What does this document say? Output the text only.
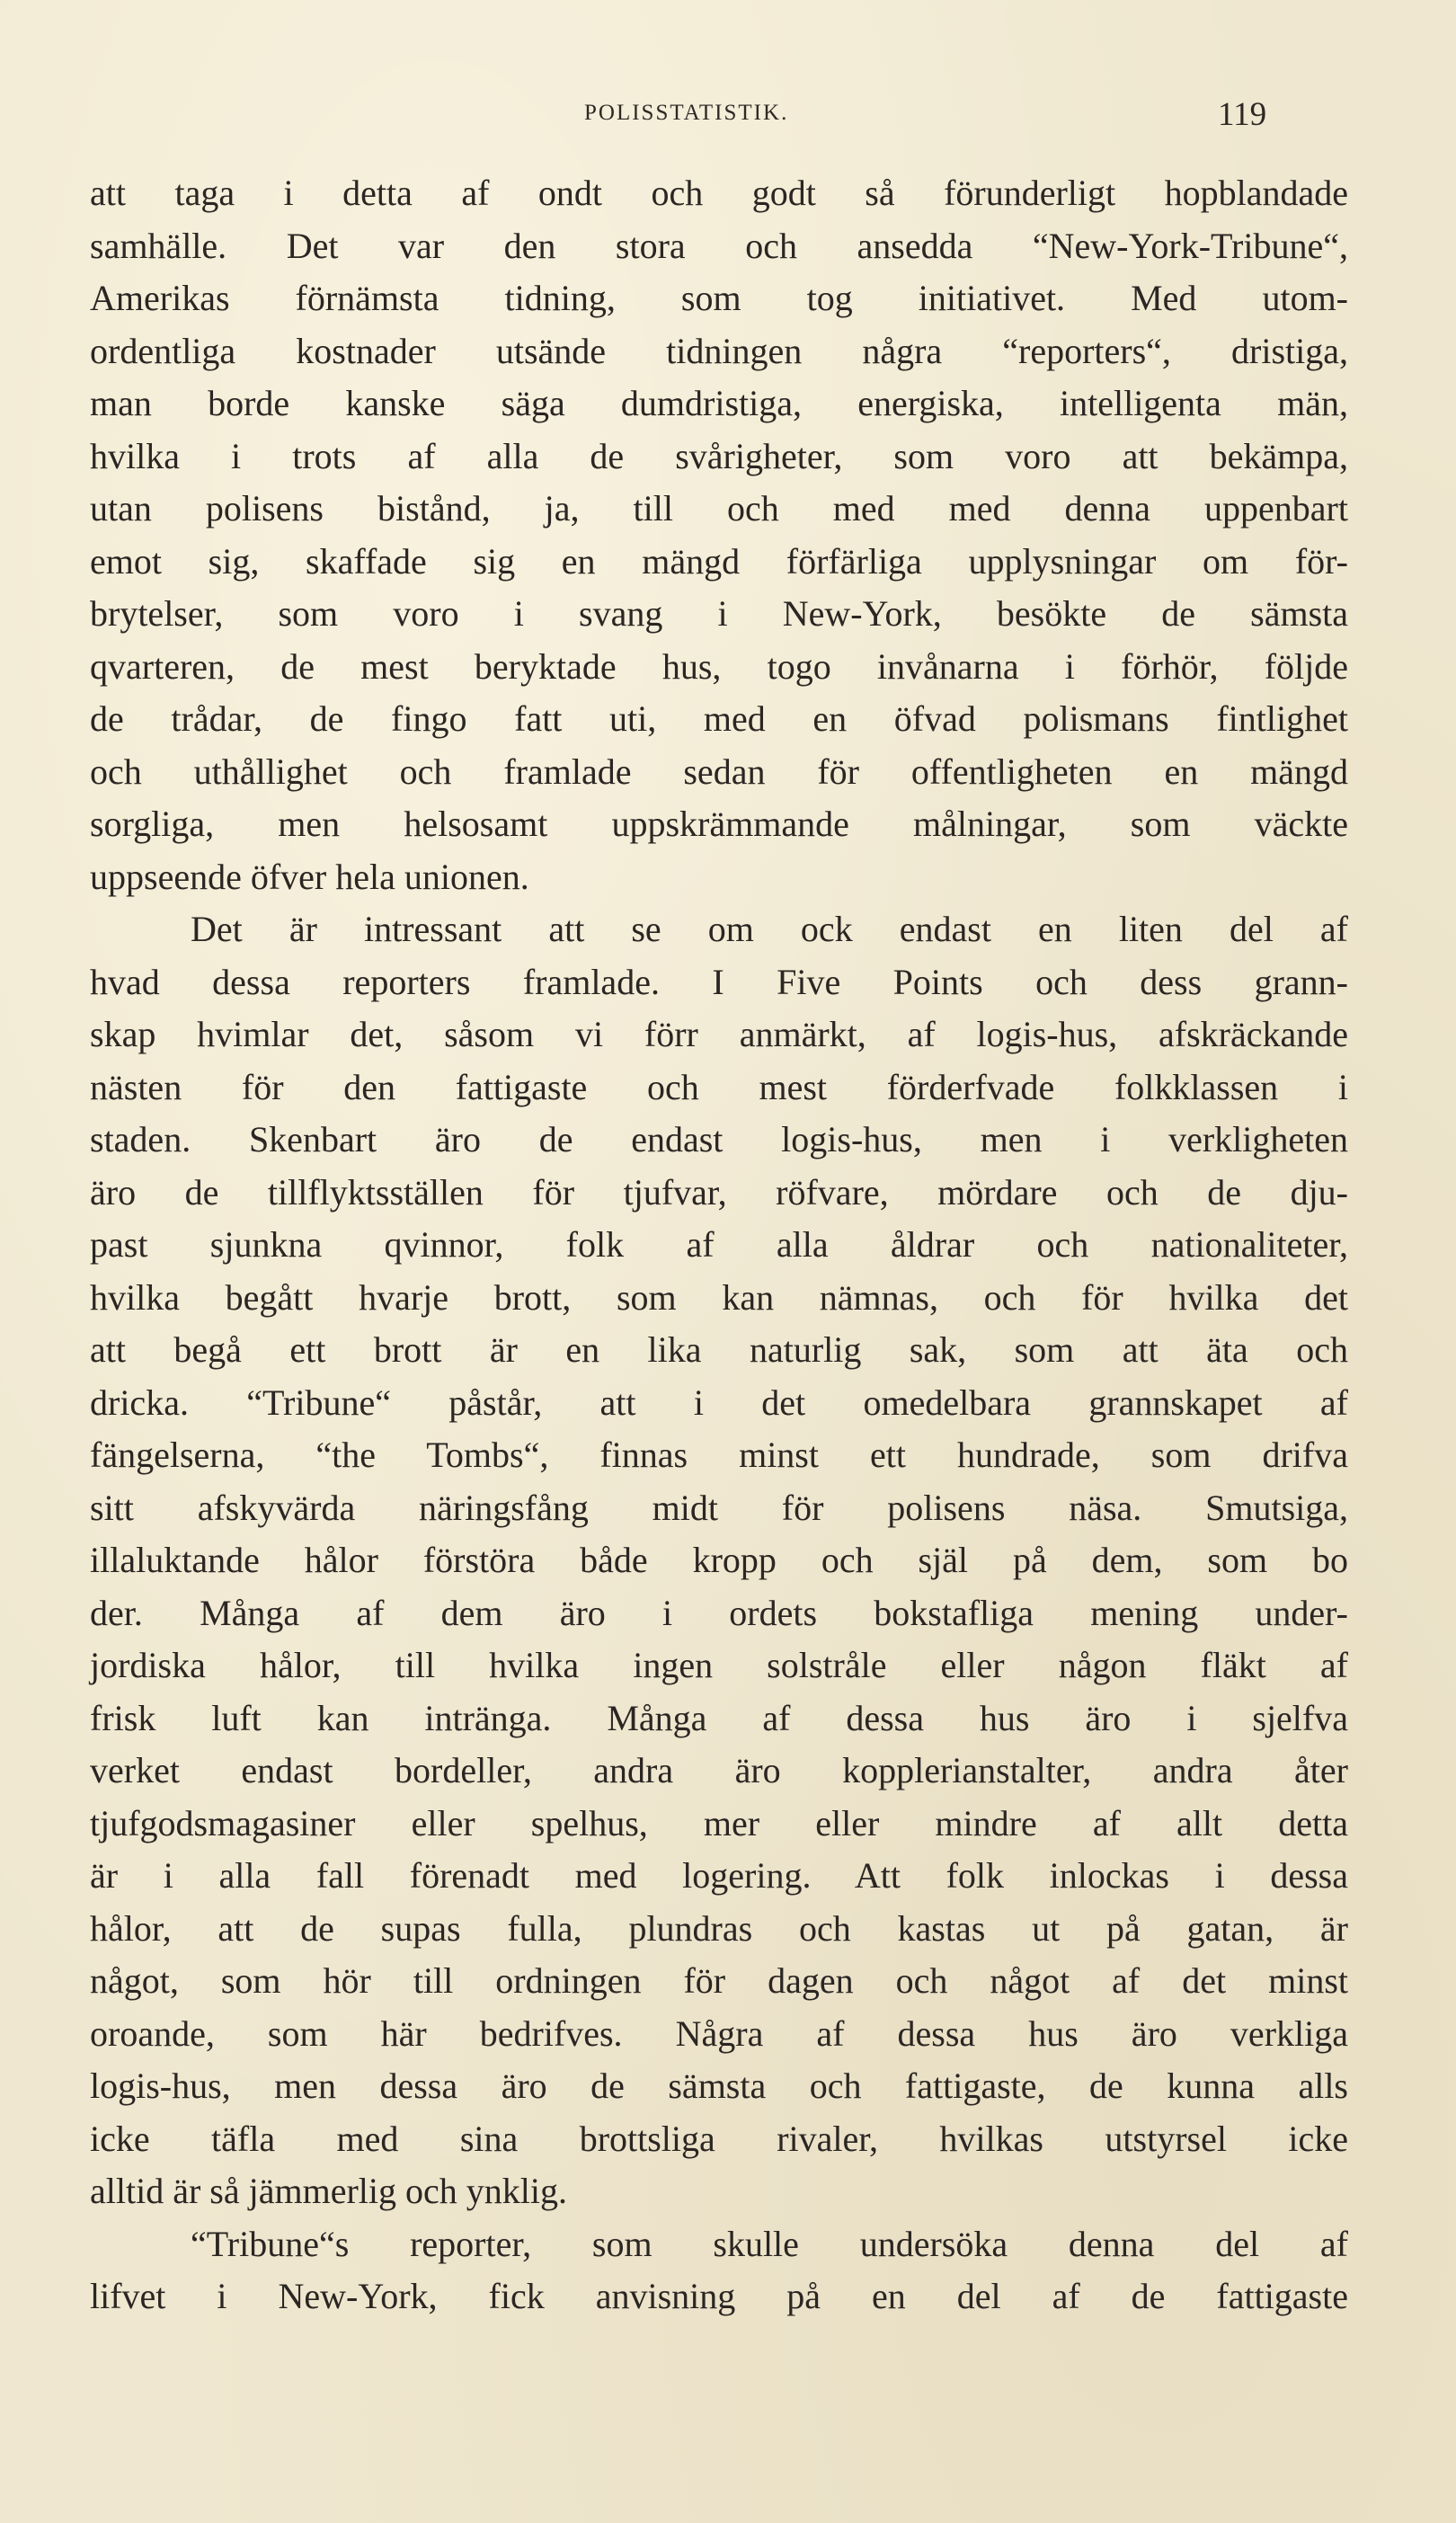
POLISSTATISTIK.	119
att taga i detta af ondt och godt så förunderligt hopblandade
samhälle. Det var den stora och ansedda “New-York-Tribune“,
Amerikas förnämsta tidning, som tog initiativet. Med utom-
ordentliga kostnader utsände tidningen några “reporters“, dristiga,
man borde kanske säga dumdristiga, energiska, intelligenta män,
hvilka i trots af alla de svårigheter, som voro att bekämpa,
utan polisens bistånd, ja, till och med med denna uppenbart
emot sig, skaffade sig en mängd förfärliga upplysningar om för-
brytelser, som voro i svang i New-York, besökte de sämsta
qvarteren, de mest beryktade hus, togo invånarna i förhör, följde
de trådar, de fingo fatt uti, med en öfvad polismans fintlighet
och uthållighet och framlade sedan för offentligheten en mängd
sorgliga, men helsosamt uppskrämmande målningar, som väckte
uppseende öfver hela unionen.
Det är intressant att se om ock endast en liten del af
hvad dessa reporters framlade. I Five Points och dess grann-
skap hvimlar det, såsom vi förr anmärkt, af logis-hus, afskräckande
nästen för den fattigaste och mest förderfvade folkklassen i
staden. Skenbart äro de endast logis-hus, men i verkligheten
äro de tillflyktsställen för tjufvar, röfvare, mördare och de dju-
past sjunkna qvinnor, folk af alla åldrar och nationaliteter,
hvilka begått hvarje brott, som kan nämnas, och för hvilka det
att begå ett brott är en lika naturlig sak, som att äta och
dricka. “Tribune“ påstår, att i det omedelbara grannskapet af
fängelserna, “the Tombs“, finnas minst ett hundrade, som drifva
sitt afskyvärda näringsfång midt för polisens näsa. Smutsiga,
illaluktande hålor förstöra både kropp och själ på dem, som bo
der. Många af dem äro i ordets bokstafliga mening under-
jordiska hålor, till hvilka ingen solstråle eller någon fläkt af
frisk luft kan inträngа. Många af dessa hus äro i sjelfva
verket endast bordeller, andra äro kopplerianstalter, andra åter
tjufgodsmagasiner eller spelhus, mer eller mindre af allt detta
är i alla fall förenadt med logering. Att folk inlockas i dessa
hålor, att de supas fulla, plundras och kastas ut på gatan, är
något, som hör till ordningen för dagen och något af det minst
oroande, som här bedrifves. Några af dessa hus äro verkliga
logis-hus, men dessa äro de sämsta och fattigaste, de kunna alls
icke täfla med sina brottsliga rivaler, hvilkas utstyrsel icke
alltid är så jämmerlig och ynklig.
“Tribune“s reporter, som skulle undersöka denna del af
lifvet i New-York, fick anvisning på en del af de fattigaste
